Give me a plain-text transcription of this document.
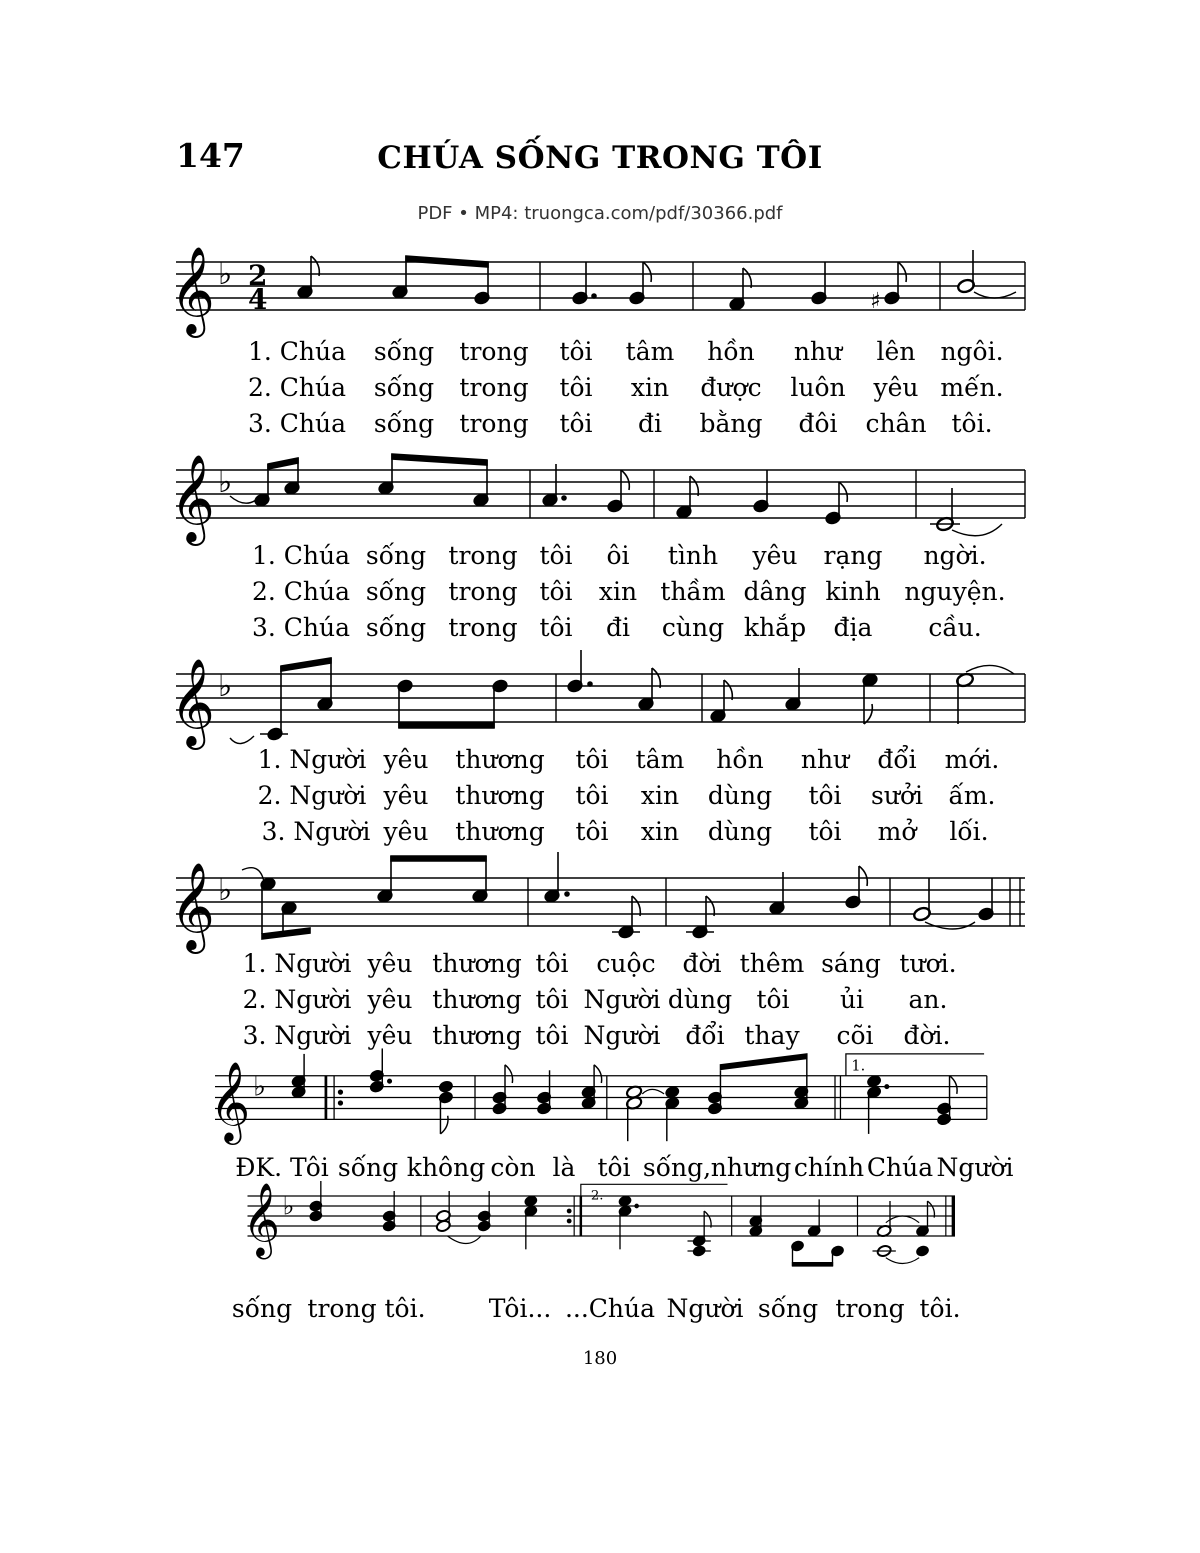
147	CHÚA SỐNG TRONG TÔI
PDF • MP4: truongca.com/pdf/30366.pdf
𝄞 ♭ 2
4	♯
𝄞 ♭
𝄞 ♭
𝄞 ♭
𝄞 ♭
1.
𝄞 ♭	2.
1. Chúa sống trong tôi tâm hồn như lên ngôi.
2. Chúa sống trong tôi xin được luôn yêu mến.
3. Chúa sống trong tôi đi bằng đôi chân tôi.
1. Chúa sống trong tôi ôi tình yêu rạng ngời.
2. Chúa sống trong tôi xin thầm dâng kinh nguyện.
3. Chúa sống trong tôi đi cùng khắp địa cầu.
1. Người yêu thương tôi tâm hồn như đổi mới.
2. Người yêu thương tôi xin dùng tôi sưởi ấm.
3. Người yêu thương tôi xin dùng tôi mở lối.
1. Người yêu thương tôi cuộc đời thêm sáng tươi.
2. Người yêu thương tôi Người dùng tôi ủi an.
3. Người yêu thương tôi Người đổi thay cõi đời.
ĐK. Tôi sống không còn là tôi sống, nhưng chính Chúa Người
sống trong tôi.	Tôi... ...Chúa Người sống trong tôi.
180
